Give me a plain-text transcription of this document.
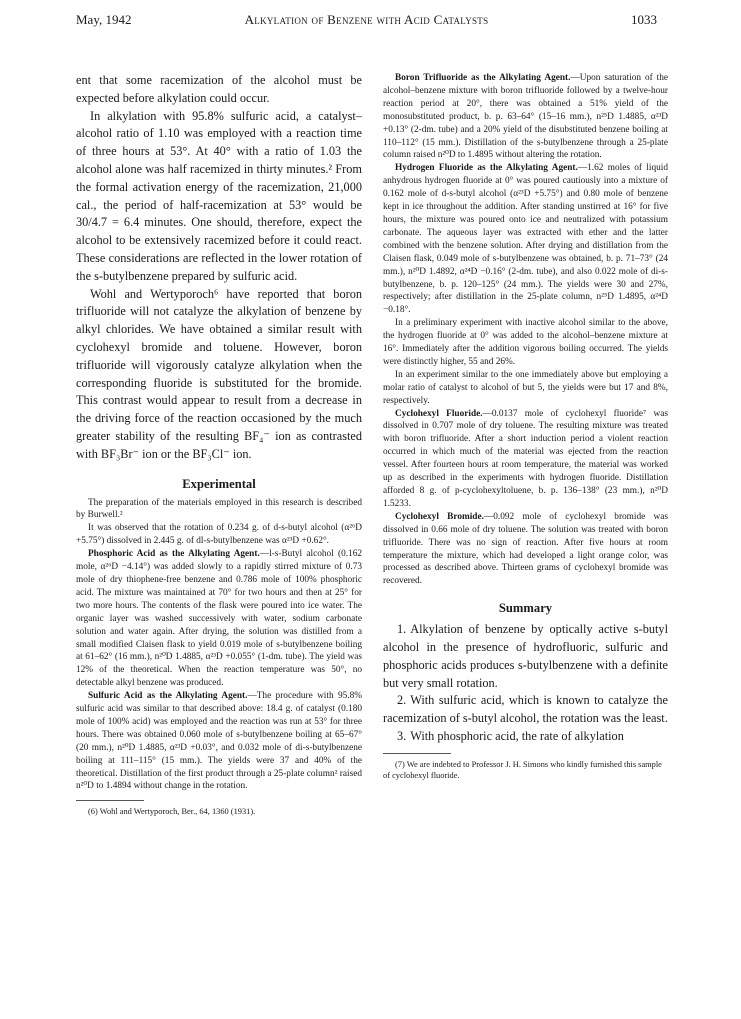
May, 1942	Alkylation of Benzene with Acid Catalysts	1033

ent that some racemization of the alcohol must be expected before alkylation could occur.

In alkylation with 95.8% sulfuric acid, a catalyst–alcohol ratio of 1.10 was employed with a reaction time of three hours at 53°. At 40° with a ratio of 1.03 the alcohol alone was half racemized in thirty minutes.² From the formal activation energy of the racemization, 21,000 cal., the period of half-racemization at 53° would be 30/4.7 = 6.4 minutes. One should, therefore, expect the alcohol to be extensively racemized before it could react. These considerations are reflected in the lower rotation of the s-butylbenzene prepared by sulfuric acid.

Wohl and Wertyporoch⁶ have reported that boron trifluoride will not catalyze the alkylation of benzene by alkyl chlorides. We have obtained a similar result with cyclohexyl bromide and toluene. However, boron trifluoride will vigorously catalyze alkylation when the corresponding fluoride is substituted for the bromide. This contrast would appear to result from a decrease in the driving force of the reaction occasioned by the much greater stability of the resulting BF₄⁻ ion as contrasted with BF₃Br⁻ ion or the BF₃Cl⁻ ion.

Experimental

The preparation of the materials employed in this research is described by Burwell.²

It was observed that the rotation of 0.234 g. of d-s-butyl alcohol (α²⁶D +5.75°) dissolved in 2.445 g. of dl-s-butylbenzene was α²³D +0.62°.

Phosphoric Acid as the Alkylating Agent.—l-s-Butyl alcohol (0.162 mole, α²⁶D −4.14°) was added slowly to a rapidly stirred mixture of 0.73 mole of dry thiophene-free benzene and 0.786 mole of 100% phosphoric acid. The mixture was maintained at 70° for two hours and then at 25° for two more hours. The contents of the flask were poured into ice water. The organic layer was washed successively with water, sodium carbonate solution and water again. After drying, the solution was distilled from a small modified Claisen flask to yield 0.019 mole of s-butylbenzene boiling at 61–62° (16 mm.), n²⁰D 1.4885, α²³D +0.055° (1-dm. tube). The yield was 12% of the theoretical. When the reaction temperature was 50°, no detectable alkyl benzene was produced.

Sulfuric Acid as the Alkylating Agent.—The procedure with 95.8% sulfuric acid was similar to that described above: 18.4 g. of catalyst (0.180 mole of 100% acid) was employed and the reaction was run at 53° for three hours. There was obtained 0.060 mole of s-butylbenzene boiling at 65–67° (20 mm.), n²⁰D 1.4885, α²³D +0.03°, and 0.032 mole of di-s-butylbenzene boiling at 111–115° (15 mm.). The yields were 37 and 40% of the theoretical. Distillation of the first product through a 25-plate column² raised n²⁰D to 1.4894 without change in the rotation.

(6) Wohl and Wertyporoch, Ber., 64, 1360 (1931).

Boron Trifluoride as the Alkylating Agent.—Upon saturation of the alcohol–benzene mixture with boron trifluoride followed by a twelve-hour reaction period at 20°, there was obtained a 51% yield of the monosubstituted product, b. p. 63–64° (15–16 mm.), n²⁵D 1.4885, α²³D +0.13° (2-dm. tube) and a 20% yield of the disubstituted benzene boiling at 110–112° (15 mm.). Distillation of the s-butylbenzene through a 25-plate column raised n²⁰D to 1.4895 without altering the rotation.

Hydrogen Fluoride as the Alkylating Agent.—1.62 moles of liquid anhydrous hydrogen fluoride at 0° was poured cautiously into a mixture of 0.162 mole of d-s-butyl alcohol (α²³D +5.75°) and 0.80 mole of benzene kept in ice throughout the addition. After standing unstirred at 16° for five hours, the mixture was poured onto ice and neutralized with potassium carbonate. The aqueous layer was extracted with ether and the latter combined with the benzene solution. After drying and distillation from the Claisen flask, 0.049 mole of s-butylbenzene was obtained, b. p. 71–73° (24 mm.), n²⁰D 1.4892, α²⁴D −0.16° (2-dm. tube), and also 0.022 mole of di-s-butylbenzene, b. p. 120–125° (24 mm.). The yields were 30 and 27%, respectively; after distillation in the 25-plate column, n²⁵D 1.4895, α²⁴D −0.18°.

In a preliminary experiment with inactive alcohol similar to the above, the hydrogen fluoride at 0° was added to the alcohol–benzene mixture at 16°. Immediately after the addition vigorous boiling occurred. The yields were distinctly higher, 55 and 26%.

In an experiment similar to the one immediately above but employing a molar ratio of catalyst to alcohol of but 5, the yields were but 17 and 8%, respectively.

Cyclohexyl Fluoride.—0.0137 mole of cyclohexyl fluoride⁷ was dissolved in 0.707 mole of dry toluene. The resulting mixture was treated with boron trifluoride. After a short induction period a violent reaction occurred in which much of the material was ejected from the reaction vessel. After fourteen hours at room temperature, the material was worked up as described in the experiments with hydrogen fluoride. Distillation afforded 8 g. of p-cyclohexyltoluene, b. p. 136–138° (23 mm.), n²⁰D 1.5233.

Cyclohexyl Bromide.—0.092 mole of cyclohexyl bromide was dissolved in 0.66 mole of dry toluene. The solution was treated with boron trifluoride. There was no sign of reaction. After five hours at room temperature the mixture, which had developed a light orange color, was processed as described above. Thirteen grams of cyclohexyl bromide was recovered.

Summary
1. Alkylation of benzene by optically active s-butyl alcohol in the presence of hydrofluoric, sulfuric and phosphoric acids produces s-butylbenzene with a definite but very small rotation.
2. With sulfuric acid, which is known to catalyze the racemization of s-butyl alcohol, the rotation was the least.
3. With phosphoric acid, the rate of alkylation

(7) We are indebted to Professor J. H. Simons who kindly furnished this sample of cyclohexyl fluoride.
